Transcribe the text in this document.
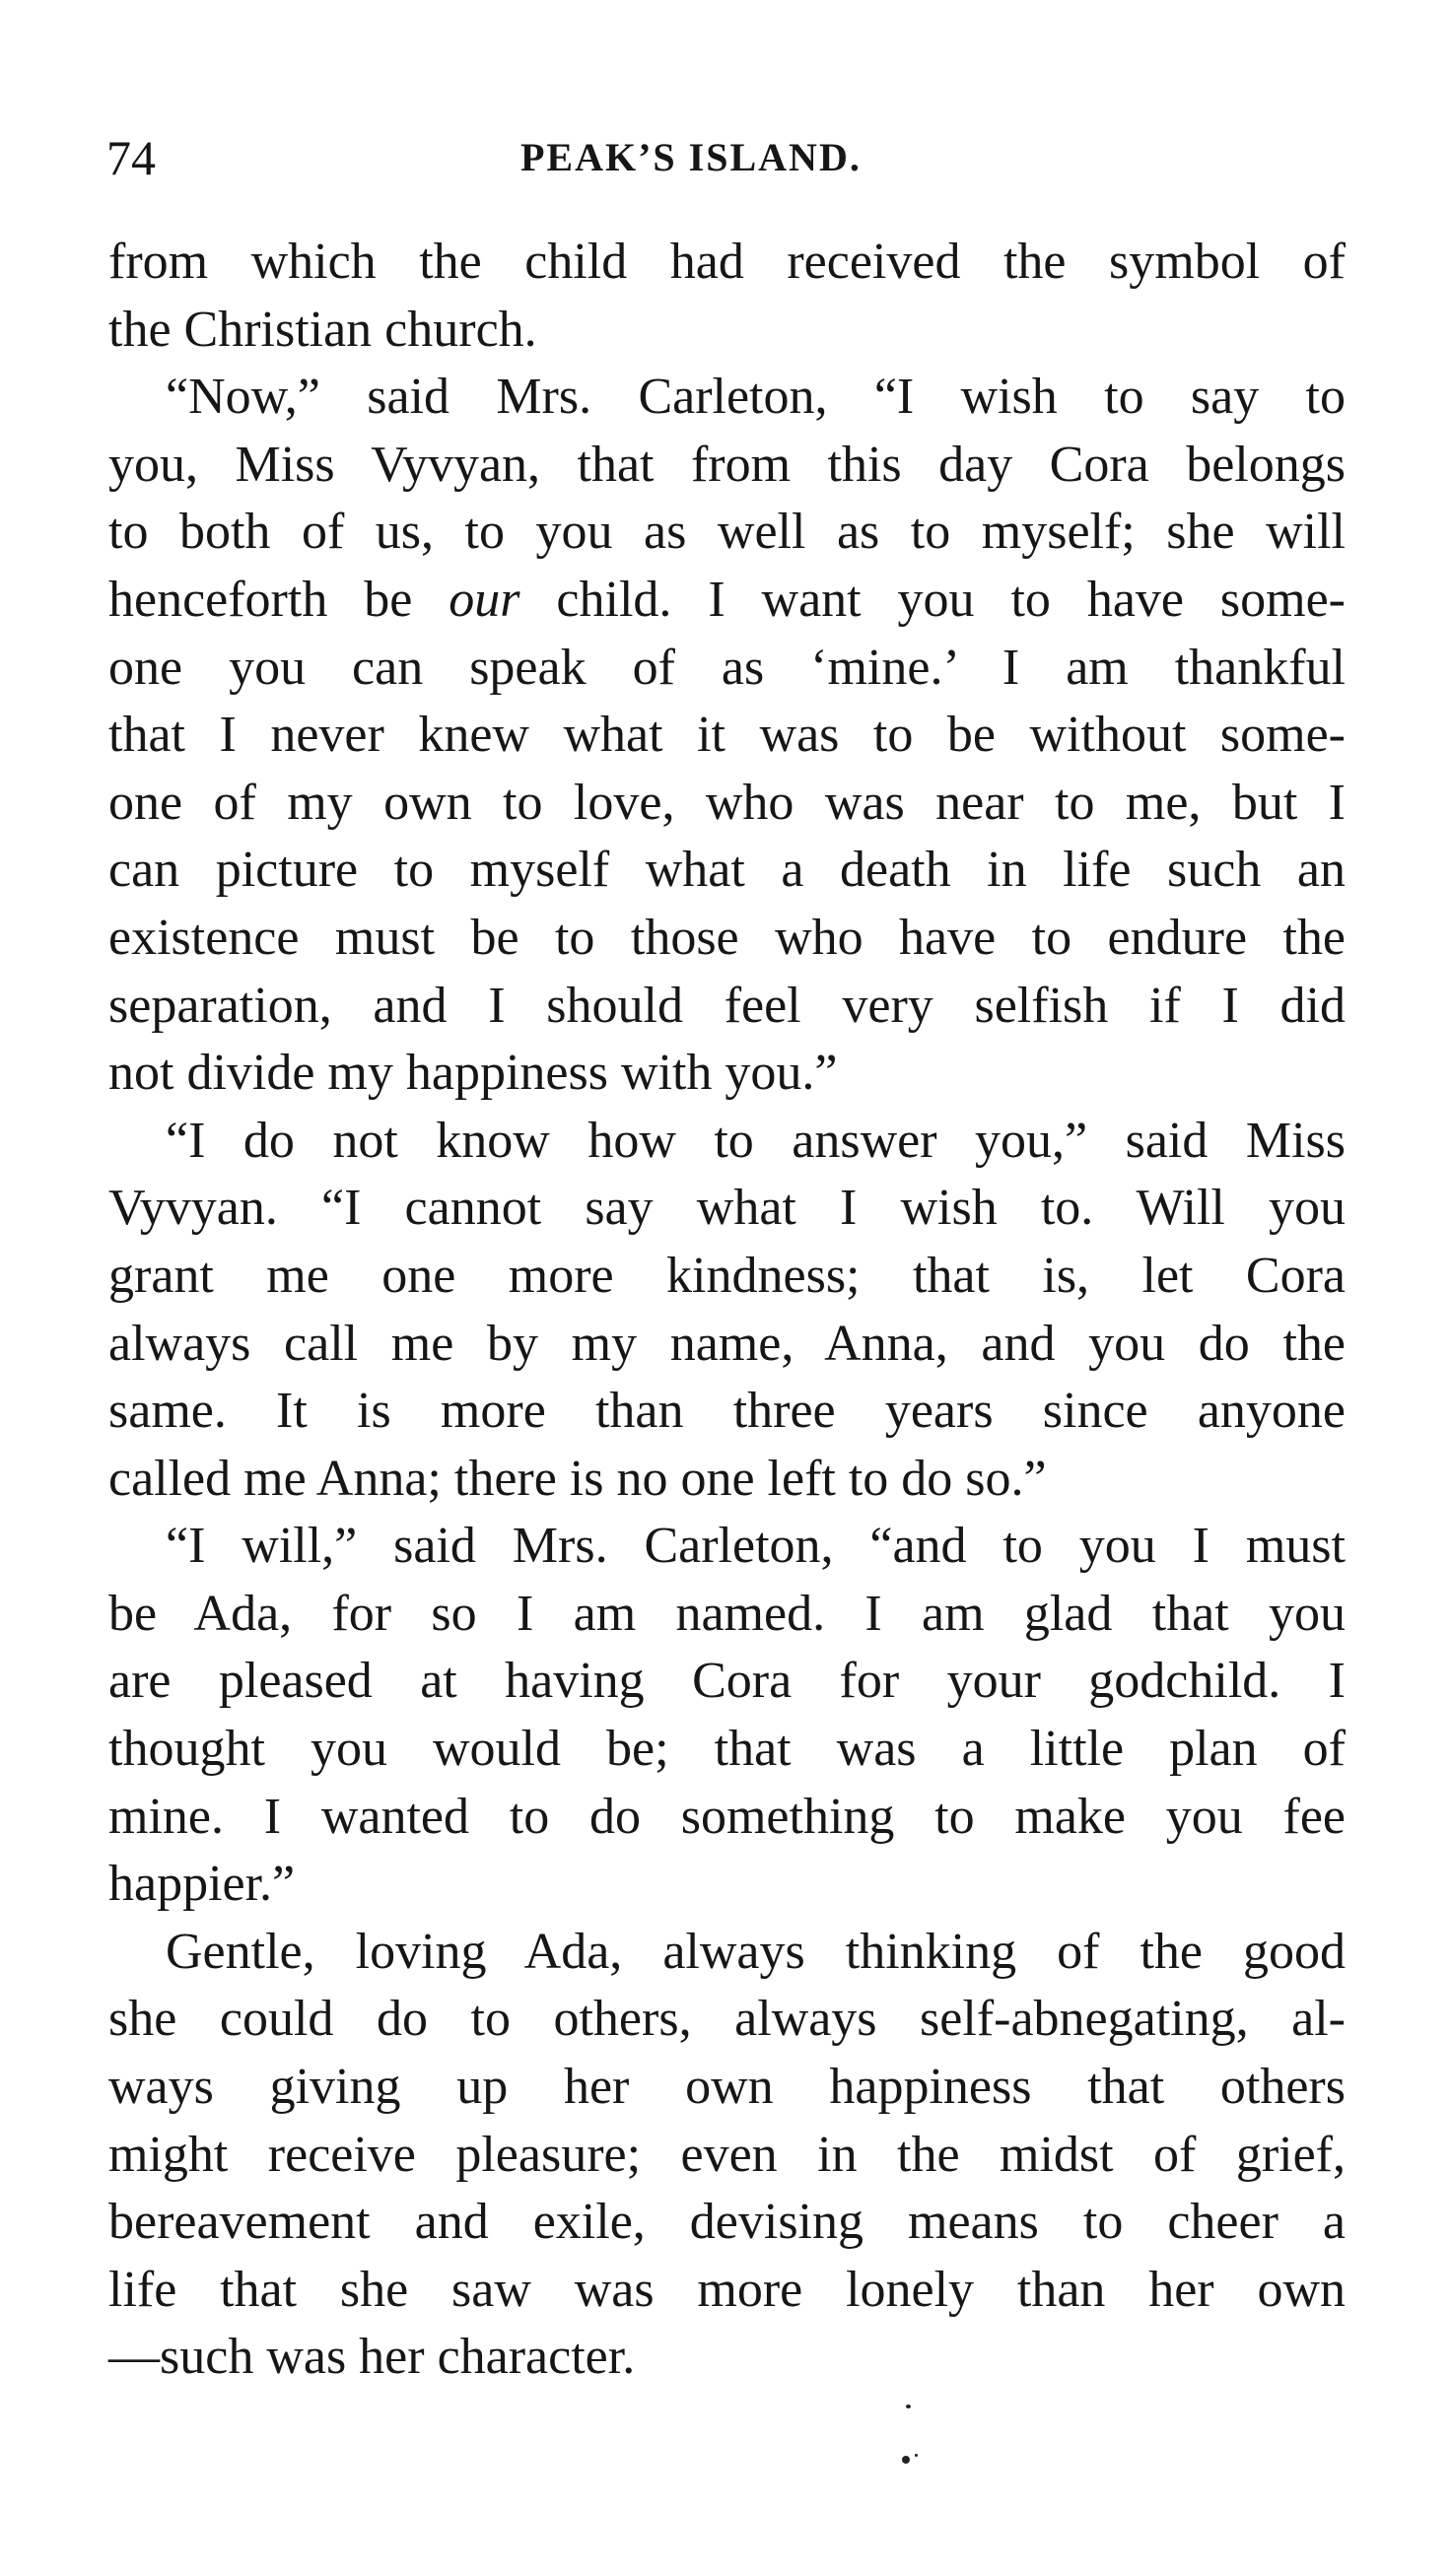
74	PEAK’S ISLAND.
from which the child had received the symbol of
the Christian church.
“Now,” said Mrs. Carleton, “I wish to say to
you, Miss Vyvyan, that from this day Cora belongs
to both of us, to you as well as to myself; she will
henceforth be our child. I want you to have some-
one you can speak of as ‘mine.’ I am thankful
that I never knew what it was to be without some-
one of my own to love, who was near to me, but I
can picture to myself what a death in life such an
existence must be to those who have to endure the
separation, and I should feel very selfish if I did
not divide my happiness with you.”
“I do not know how to answer you,” said Miss
Vyvyan. “I cannot say what I wish to. Will you
grant me one more kindness; that is, let Cora
always call me by my name, Anna, and you do the
same. It is more than three years since anyone
called me Anna; there is no one left to do so.”
“I will,” said Mrs. Carleton, “and to you I must
be Ada, for so I am named. I am glad that you
are pleased at having Cora for your godchild. I
thought you would be; that was a little plan of
mine. I wanted to do something to make you fee
happier.”
Gentle, loving Ada, always thinking of the good
she could do to others, always self-abnegating, al-
ways giving up her own happiness that others
might receive pleasure; even in the midst of grief,
bereavement and exile, devising means to cheer a
life that she saw was more lonely than her own
—such was her character.
